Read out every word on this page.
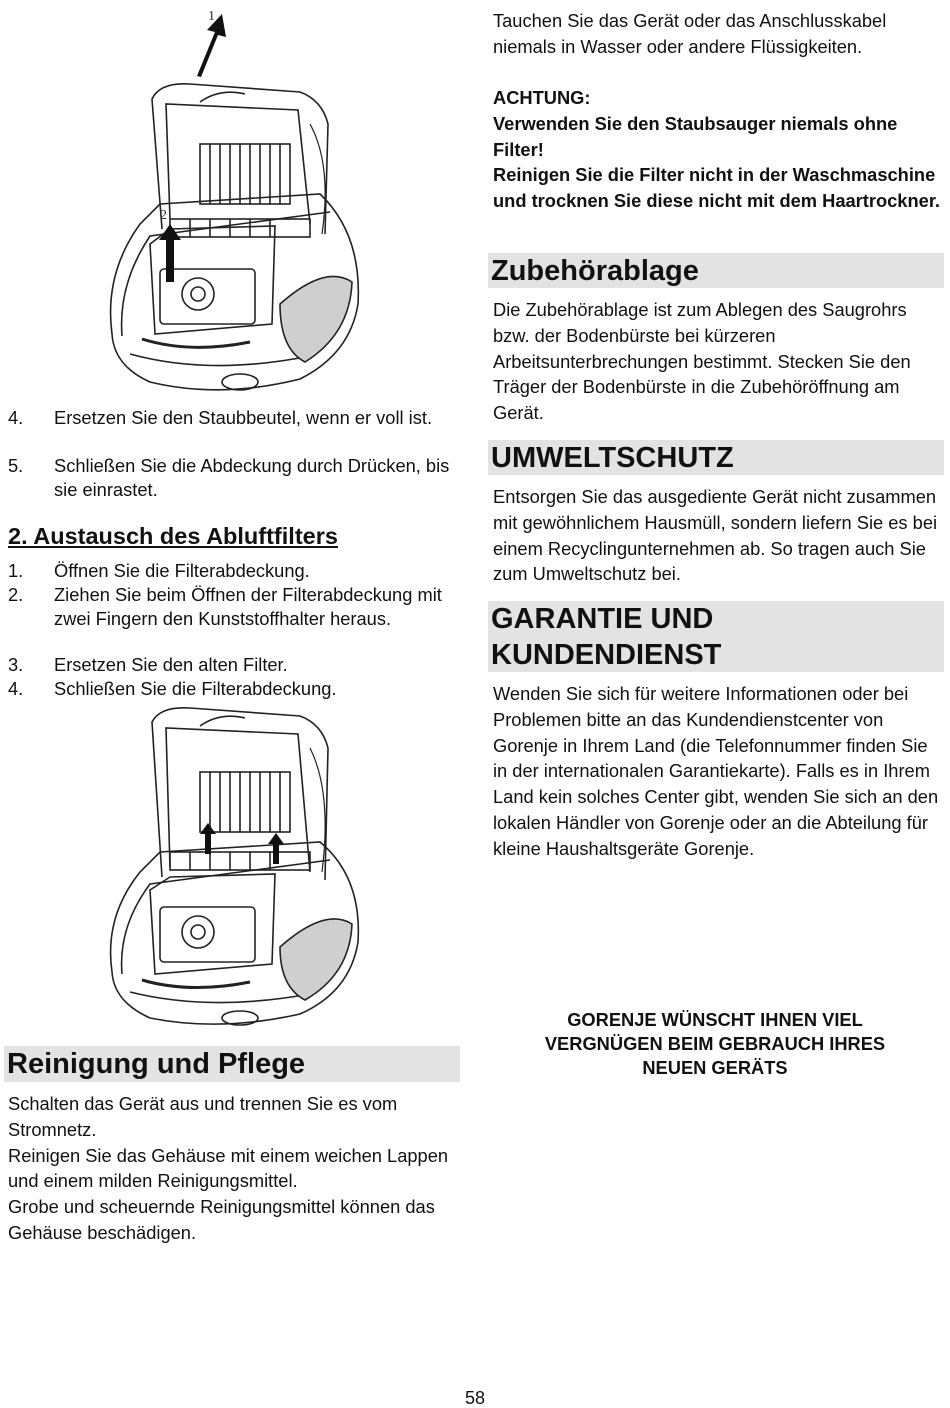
1
2
4. Ersetzen Sie den Staubbeutel, wenn er voll ist.
5. Schließen Sie die Abdeckung durch Drücken, bis sie einrastet.
2. Austausch des Abluftfilters
1. Öffnen Sie die Filterabdeckung.
2. Ziehen Sie beim Öffnen der Filterabdeckung mit zwei Fingern den Kunststoffhalter heraus.
3. Ersetzen Sie den alten Filter.
4. Schließen Sie die Filterabdeckung.
Reinigung und Pflege

Schalten das Gerät aus und trennen Sie es vom Stromnetz.

Reinigen Sie das Gehäuse mit einem weichen Lappen und einem milden Reinigungsmittel.

Grobe und scheuernde Reinigungsmittel können das Gehäuse beschädigen.

Tauchen Sie das Gerät oder das Anschlusskabel niemals in Wasser oder andere Flüssigkeiten.

ACHTUNG:
Verwenden Sie den Staubsauger niemals ohne Filter!
Reinigen Sie die Filter nicht in der Waschmaschine und trocknen Sie diese nicht mit dem Haartrockner.
Zubehörablage

Die Zubehörablage ist zum Ablegen des Saugrohrs bzw. der Bodenbürste bei kürzeren Arbeitsunterbrechungen bestimmt. Stecken Sie den Träger der Bodenbürste in die Zubehöröffnung am Gerät.

UMWELTSCHUTZ

Entsorgen Sie das ausgediente Gerät nicht zusammen mit gewöhnlichem Hausmüll, sondern liefern Sie es bei einem Recyclingunternehmen ab. So tragen auch Sie zum Umweltschutz bei.

GARANTIE UND
KUNDENDIENST

Wenden Sie sich für weitere Informationen oder bei Problemen bitte an das Kundendienstcenter von Gorenje in Ihrem Land (die Telefonnummer finden Sie in der internationalen Garantiekarte). Falls es in Ihrem Land kein solches Center gibt, wenden Sie sich an den lokalen Händler von Gorenje oder an die Abteilung für kleine Haushaltsgeräte Gorenje.

GORENJE WÜNSCHT IHNEN VIEL VERGNÜGEN BEIM GEBRAUCH IHRES NEUEN GERÄTS
58
